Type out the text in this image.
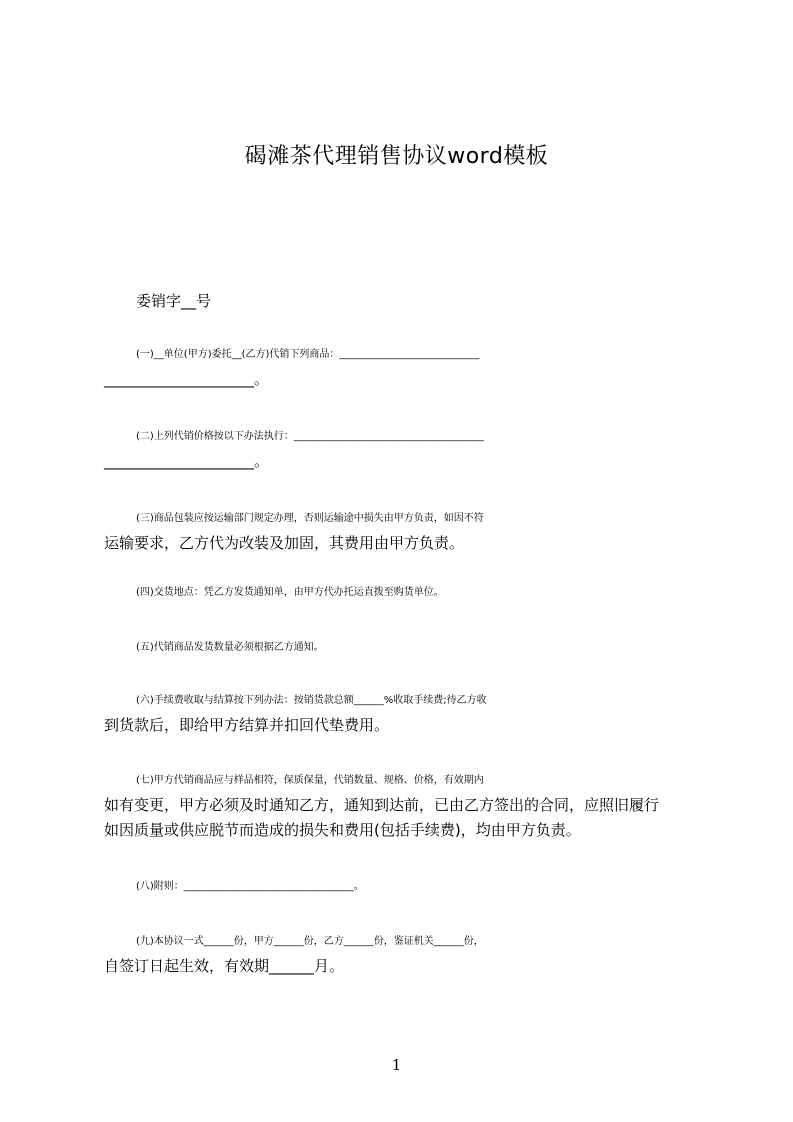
碣滩茶代理销售协议word模板

委销字__号

(一)__单位(甲方)委托__(乙方)代销下列商品：____________________________
____________________。

(二)上列代销价格按以下办法执行：______________________________________
____________________。

(三)商品包装应按运输部门规定办理，否则运输途中损失由甲方负责，如因不符
运输要求，乙方代为改装及加固，其费用由甲方负责。

(四)交货地点：凭乙方发货通知单，由甲方代办托运直拨至购货单位。

(五)代销商品发货数量必须根据乙方通知。

(六)手续费收取与结算按下列办法：按销货款总额______%收取手续费;待乙方收
到货款后，即给甲方结算并扣回代垫费用。

(七)甲方代销商品应与样品相符，保质保量，代销数量、规格、价格，有效期内
如有变更，甲方必须及时通知乙方，通知到达前，已由乙方签出的合同，应照旧履行
如因质量或供应脱节而造成的损失和费用(包括手续费)，均由甲方负责。

(八)附则：__________________________________。

(九)本协议一式______份，甲方______份，乙方______份，鉴证机关______份，
自签订日起生效，有效期______月。

1
